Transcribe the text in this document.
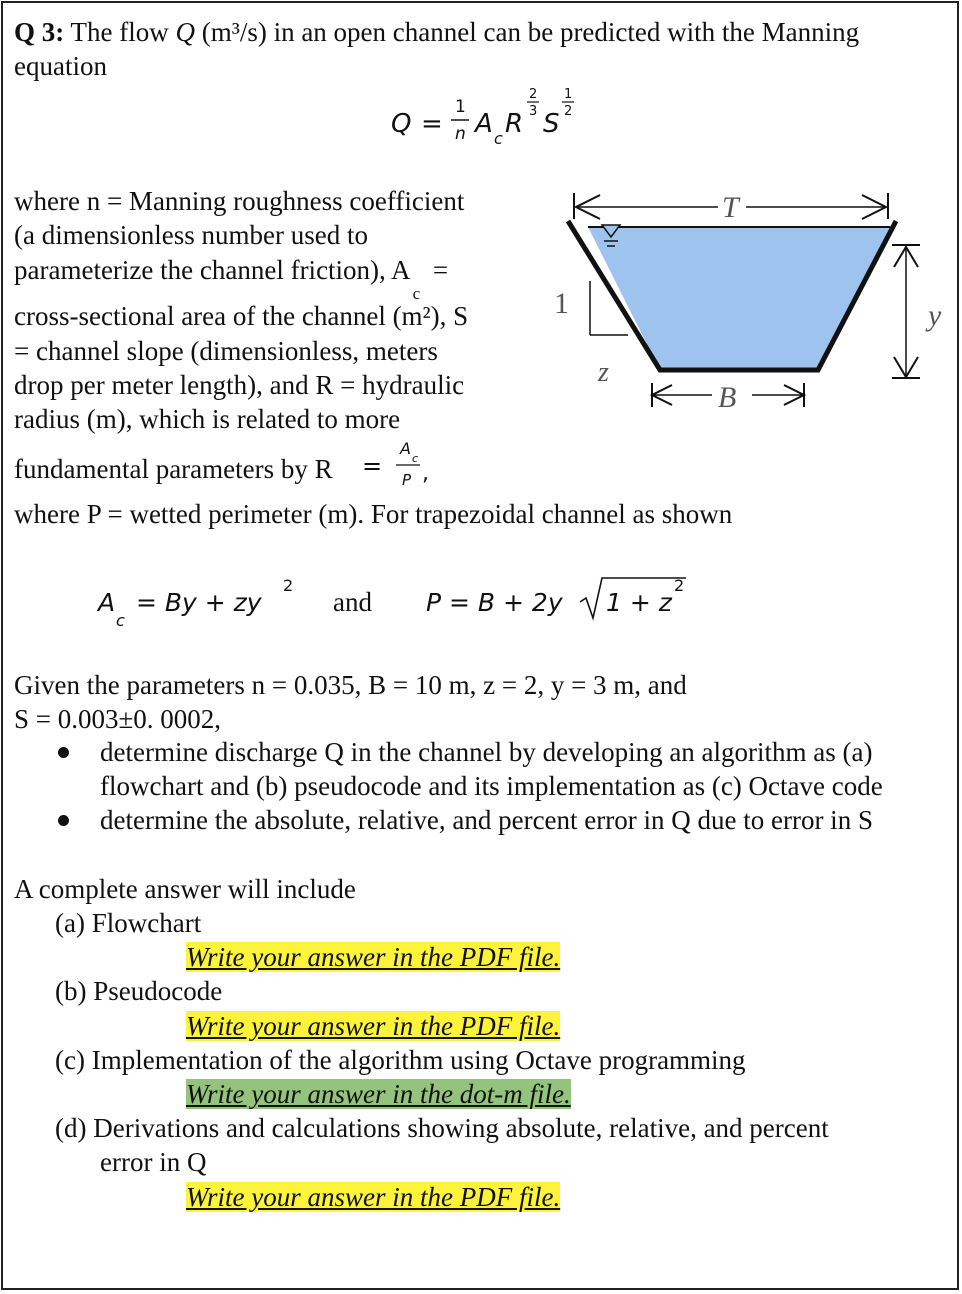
Q 3: The flow Q (m³/s) in an open channel can be predicted with the Manning
equation
Q =
1
n A c R
2
3 S
1
2
where n = Manning roughness coefficient
(a dimensionless number used to
parameterize the channel friction), $A_c$ =
cross-sectional area of the channel (m²), S
= channel slope (dimensionless, meters
drop per meter length), and R = hydraulic
radius (m), which is related to more
fundamental parameters by R =
A
c
P ,
where P = wetted perimeter (m). For trapezoidal channel as shown
T
y
B
1
z
A
c
= By + zy
2
and P = B + 2y 1 + z
2
Given the parameters n = 0.035, B = 10 m, z = 2, y = 3 m, and
S = 0.003±0. 0002,
determine discharge Q in the channel by developing an algorithm as (a)
flowchart and (b) pseudocode and its implementation as (c) Octave code
determine the absolute, relative, and percent error in Q due to error in S
A complete answer will include
(a) Flowchart
Write your answer in the PDF file.
(b) Pseudocode
Write your answer in the PDF file.
(c) Implementation of the algorithm using Octave programming
Write your answer in the dot-m file.
(d) Derivations and calculations showing absolute, relative, and percent
error in Q
Write your answer in the PDF file.
